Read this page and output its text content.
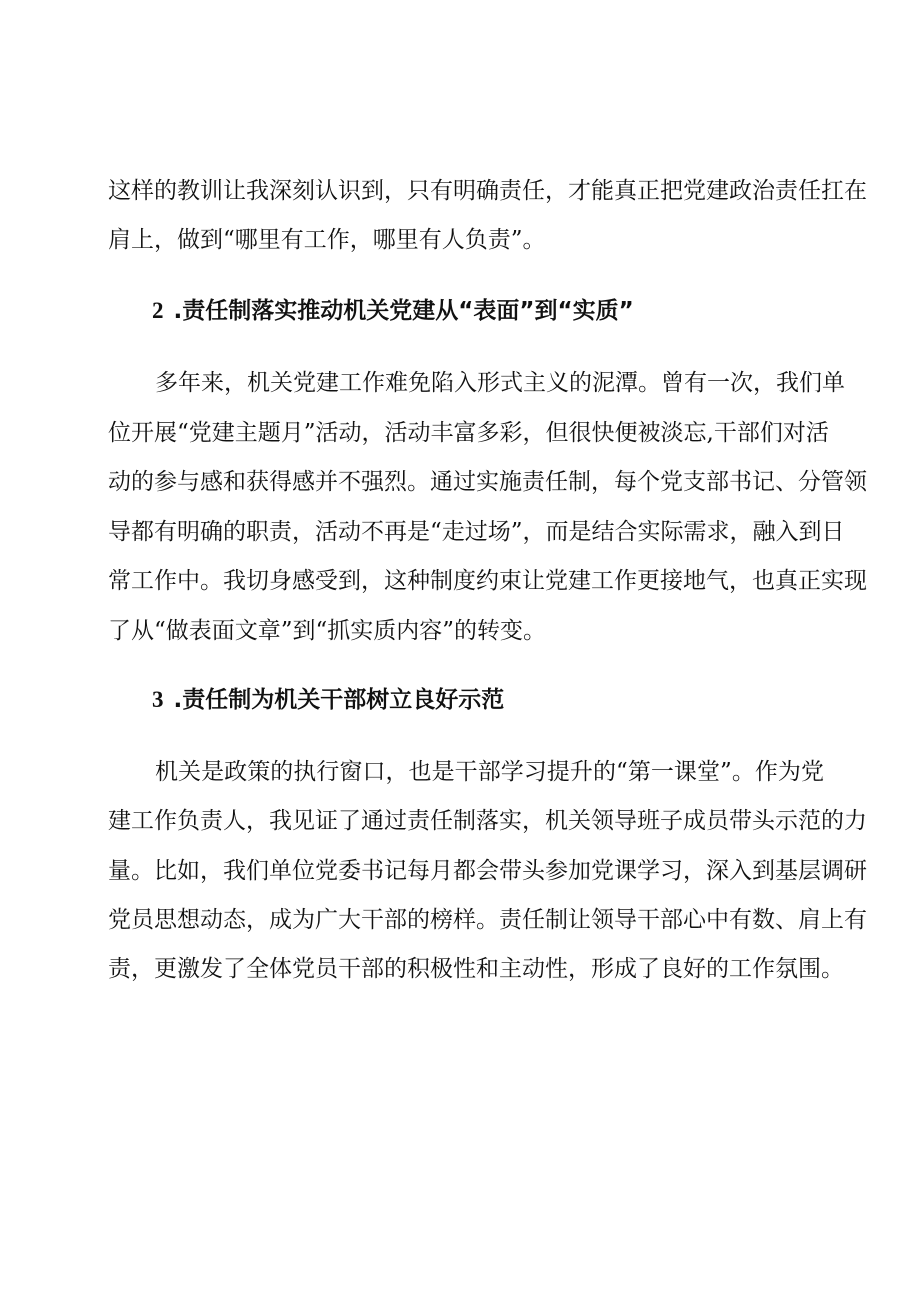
这样的教训让我深刻认识到，只有明确责任，才能真正把党建政治责任扛在
肩上，做到“哪里有工作，哪里有人负责”。
2 .责任制落实推动机关党建从“表面”到“实质”
多年来，机关党建工作难免陷入形式主义的泥潭。曾有一次，我们单
位开展“党建主题月”活动，活动丰富多彩，但很快便被淡忘,干部们对活
动的参与感和获得感并不强烈。通过实施责任制，每个党支部书记、分管领
导都有明确的职责，活动不再是“走过场”，而是结合实际需求，融入到日
常工作中。我切身感受到，这种制度约束让党建工作更接地气，也真正实现
了从“做表面文章”到“抓实质内容”的转变。
3 .责任制为机关干部树立良好示范
机关是政策的执行窗口，也是干部学习提升的“第一课堂”。作为党
建工作负责人，我见证了通过责任制落实，机关领导班子成员带头示范的力
量。比如，我们单位党委书记每月都会带头参加党课学习，深入到基层调研
党员思想动态，成为广大干部的榜样。责任制让领导干部心中有数、肩上有
责，更激发了全体党员干部的积极性和主动性，形成了良好的工作氛围。
